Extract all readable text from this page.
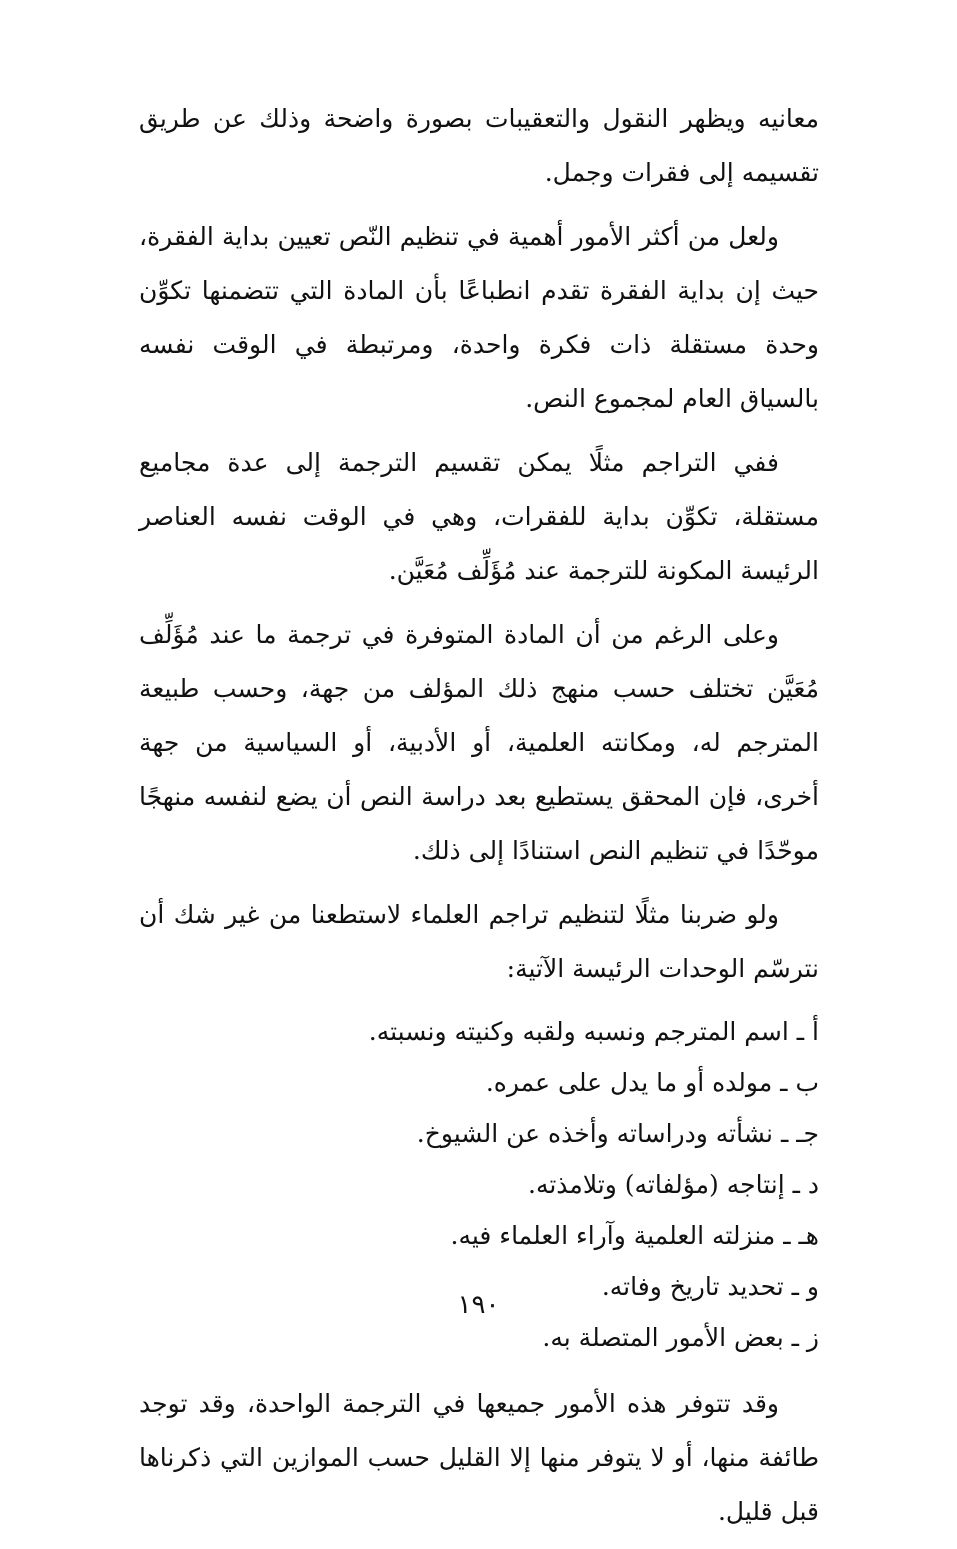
معانيه ويظهر النقول والتعقيبات بصورة واضحة وذلك عن طريق تقسيمه إلى فقرات وجمل.

ولعل من أكثر الأمور أهمية في تنظيم النّص تعيين بداية الفقرة، حيث إن بداية الفقرة تقدم انطباعًا بأن المادة التي تتضمنها تكوِّن وحدة مستقلة ذات فكرة واحدة، ومرتبطة في الوقت نفسه بالسياق العام لمجموع النص.

ففي التراجم مثلًا يمكن تقسيم الترجمة إلى عدة مجاميع مستقلة، تكوِّن بداية للفقرات، وهي في الوقت نفسه العناصر الرئيسة المكونة للترجمة عند مُؤَلِّف مُعَيَّن.

وعلى الرغم من أن المادة المتوفرة في ترجمة ما عند مُؤَلِّف مُعَيَّن تختلف حسب منهج ذلك المؤلف من جهة، وحسب طبيعة المترجم له، ومكانته العلمية، أو الأدبية، أو السياسية من جهة أخرى، فإن المحقق يستطيع بعد دراسة النص أن يضع لنفسه منهجًا موحّدًا في تنظيم النص استنادًا إلى ذلك.

ولو ضربنا مثلًا لتنظيم تراجم العلماء لاستطعنا من غير شك أن نترسّم الوحدات الرئيسة الآتية:

أ ـ اسم المترجم ونسبه ولقبه وكنيته ونسبته.
ب ـ مولده أو ما يدل على عمره.
جـ ـ نشأته ودراساته وأخذه عن الشيوخ.
د ـ إنتاجه (مؤلفاته) وتلامذته.
هـ ـ منزلته العلمية وآراء العلماء فيه.
و ـ تحديد تاريخ وفاته.
ز ـ بعض الأمور المتصلة به.

وقد تتوفر هذه الأمور جميعها في الترجمة الواحدة، وقد توجد طائفة منها، أو لا يتوفر منها إلا القليل حسب الموازين التي ذكرناها قبل قليل.

١٩٠
